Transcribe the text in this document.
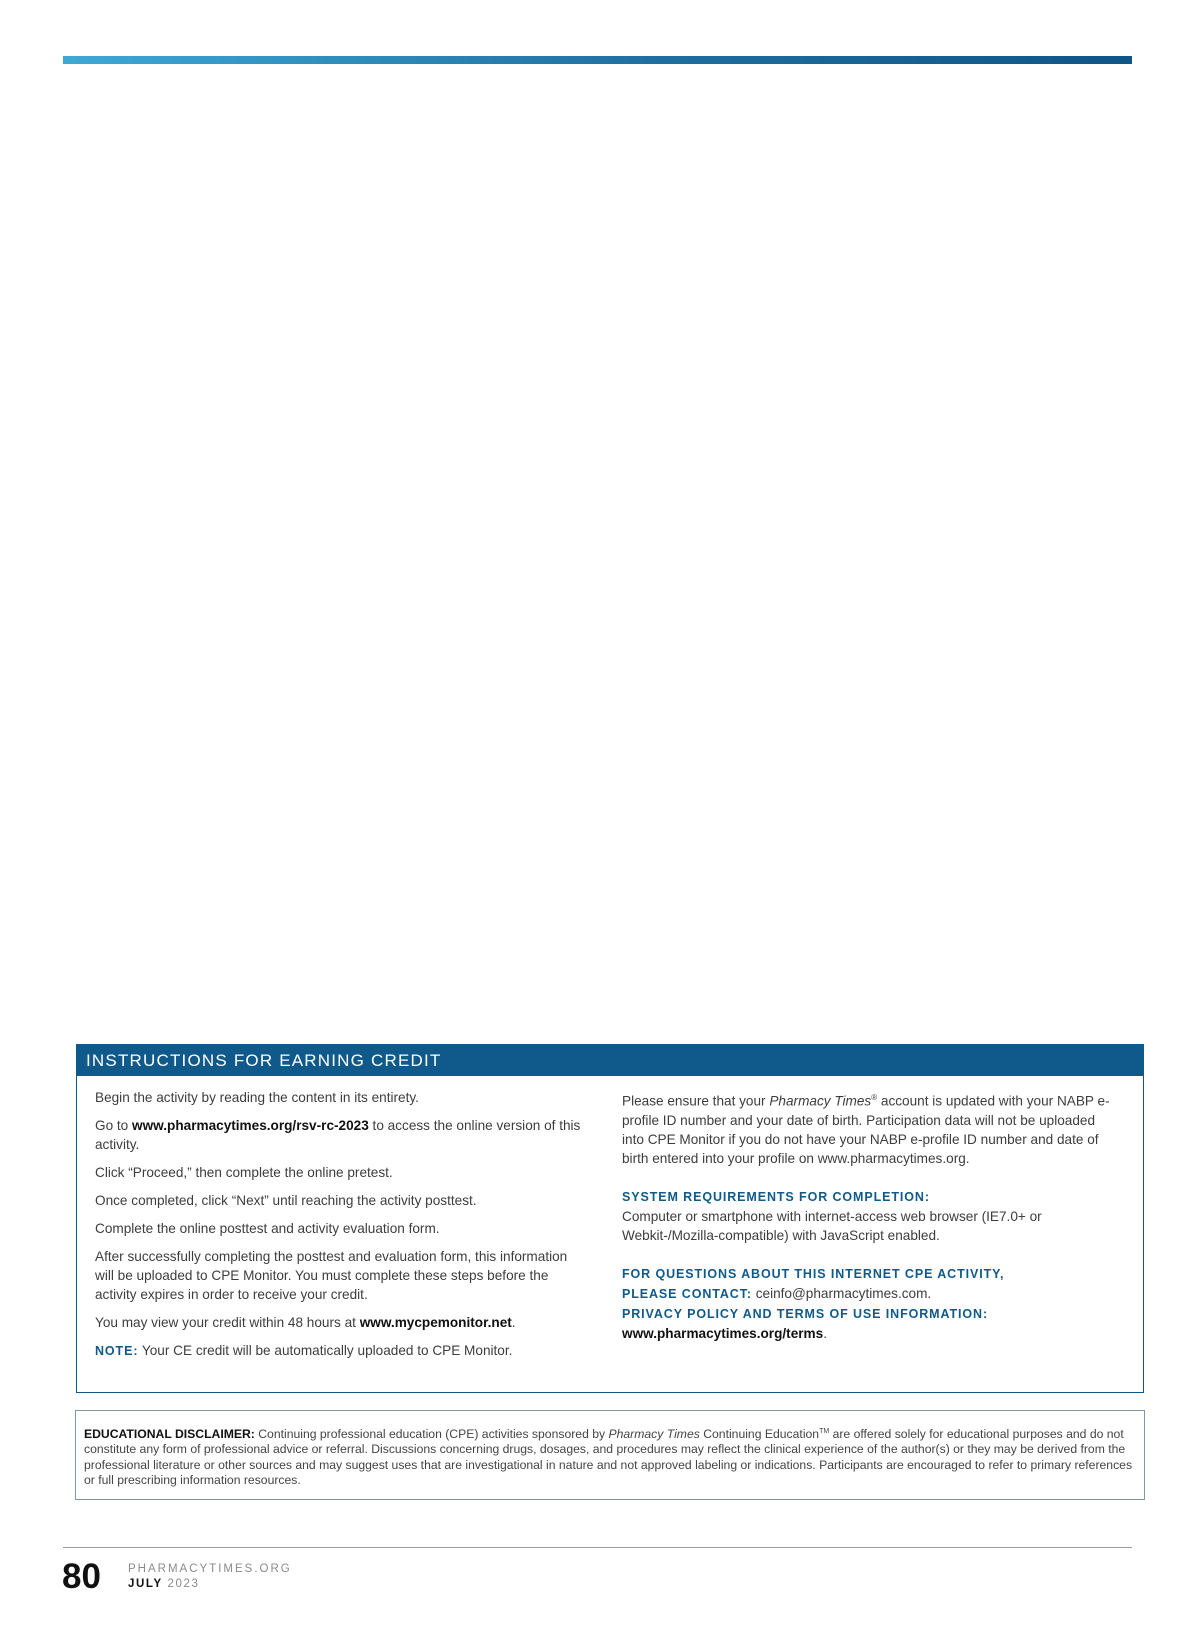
INSTRUCTIONS FOR EARNING CREDIT

Begin the activity by reading the content in its entirety.

Go to www.pharmacytimes.org/rsv-rc-2023 to access the online version of this activity.

Click “Proceed,” then complete the online pretest.

Once completed, click “Next” until reaching the activity posttest.

Complete the online posttest and activity evaluation form.

After successfully completing the posttest and evaluation form, this information will be uploaded to CPE Monitor. You must complete these steps before the activity expires in order to receive your credit.

You may view your credit within 48 hours at www.mycpemonitor.net.

NOTE: Your CE credit will be automatically uploaded to CPE Monitor.

Please ensure that your Pharmacy Times® account is updated with your NABP e-profile ID number and your date of birth. Participation data will not be uploaded into CPE Monitor if you do not have your NABP e-profile ID number and date of birth entered into your profile on www.pharmacytimes.org.

SYSTEM REQUIREMENTS FOR COMPLETION:

Computer or smartphone with internet-access web browser (IE7.0+ or Webkit-/Mozilla-compatible) with JavaScript enabled.

FOR QUESTIONS ABOUT THIS INTERNET CPE ACTIVITY,

PLEASE CONTACT: ceinfo@pharmacytimes.com.

PRIVACY POLICY AND TERMS OF USE INFORMATION:

www.pharmacytimes.org/terms.

EDUCATIONAL DISCLAIMER: Continuing professional education (CPE) activities sponsored by Pharmacy Times Continuing Education™ are offered solely for educational purposes and do not constitute any form of professional advice or referral. Discussions concerning drugs, dosages, and procedures may reflect the clinical experience of the author(s) or they may be derived from the professional literature or other sources and may suggest uses that are investigational in nature and not approved labeling or indications. Participants are encouraged to refer to primary references or full prescribing information resources.
80 PHARMACYTIMES.ORG
JULY 2023
